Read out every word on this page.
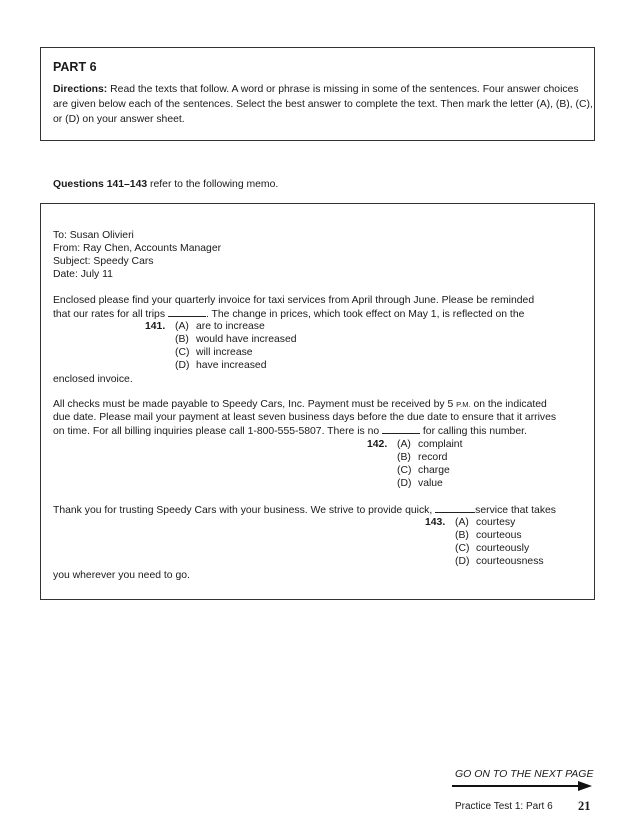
PART 6
Directions: Read the texts that follow. A word or phrase is missing in some of the sentences. Four answer choices are given below each of the sentences. Select the best answer to complete the text. Then mark the letter (A), (B), (C), or (D) on your answer sheet.
Questions 141–143 refer to the following memo.
To: Susan Olivieri
From: Ray Chen, Accounts Manager
Subject: Speedy Cars
Date: July 11
Enclosed please find your quarterly invoice for taxi services from April through June. Please be reminded
that our rates for all trips	. The change in prices, which took effect on May 1, is reflected on the
141. (A) are to increase
(B) would have increased
(C) will increase
(D) have increased
enclosed invoice.
All checks must be made payable to Speedy Cars, Inc. Payment must be received by 5 P.M. on the indicated
due date. Please mail your payment at least seven business days before the due date to ensure that it arrives
on time. For all billing inquiries please call 1-800-555-5807. There is no	for calling this number.
142. (A) complaint
(B) record
(C) charge
(D) value
Thank you for trusting Speedy Cars with your business. We strive to provide quick,	service that takes
143. (A) courtesy
(B) courteous
(C) courteously
(D) courteousness
you wherever you need to go.
GO ON TO THE NEXT PAGE
Practice Test 1: Part 6 21
